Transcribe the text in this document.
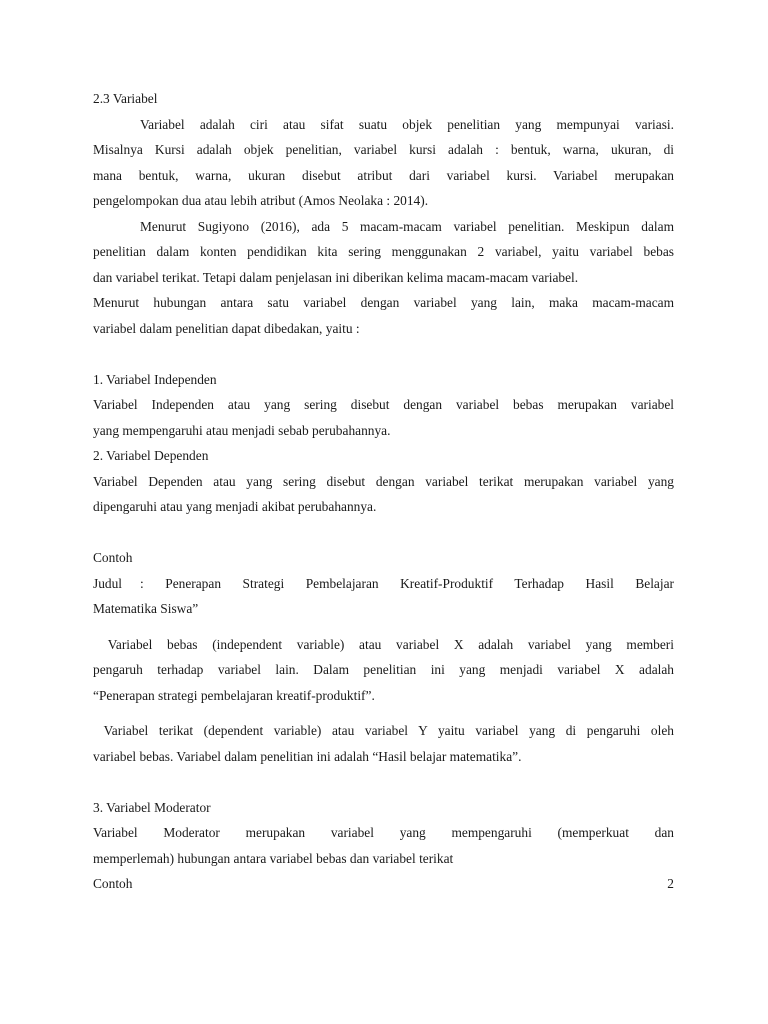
2.3 Variabel
Variabel adalah ciri atau sifat suatu objek penelitian yang mempunyai variasi.
Misalnya Kursi adalah objek penelitian, variabel kursi adalah : bentuk, warna, ukuran, di
mana bentuk, warna, ukuran disebut atribut dari variabel kursi. Variabel merupakan
pengelompokan dua atau lebih atribut (Amos Neolaka : 2014).
Menurut Sugiyono (2016), ada 5 macam-macam variabel penelitian. Meskipun dalam
penelitian dalam konten pendidikan kita sering menggunakan 2 variabel, yaitu variabel bebas
dan variabel terikat. Tetapi dalam penjelasan ini diberikan kelima macam-macam variabel.
Menurut hubungan antara satu variabel dengan variabel yang lain, maka macam-macam
variabel dalam penelitian dapat dibedakan, yaitu :
1. Variabel Independen
Variabel Independen atau yang sering disebut dengan variabel bebas merupakan variabel
yang mempengaruhi atau menjadi sebab perubahannya.
2. Variabel Dependen
Variabel Dependen atau yang sering disebut dengan variabel terikat merupakan variabel yang
dipengaruhi atau yang menjadi akibat perubahannya.
Contoh
Judul	: Penerapan Strategi Pembelajaran Kreatif-Produktif Terhadap Hasil Belajar
Matematika Siswa”
Variabel bebas (independent variable) atau variabel X adalah variabel yang memberi
pengaruh terhadap variabel lain. Dalam penelitian ini yang menjadi variabel X adalah
“Penerapan strategi pembelajaran kreatif-produktif”.
Variabel terikat (dependent variable) atau variabel Y yaitu variabel yang di pengaruhi oleh
variabel bebas. Variabel dalam penelitian ini adalah “Hasil belajar matematika”.
3. Variabel Moderator
Variabel Moderator merupakan variabel yang mempengaruhi (memperkuat dan
memperlemah) hubungan antara variabel bebas dan variabel terikat
Contoh	2
